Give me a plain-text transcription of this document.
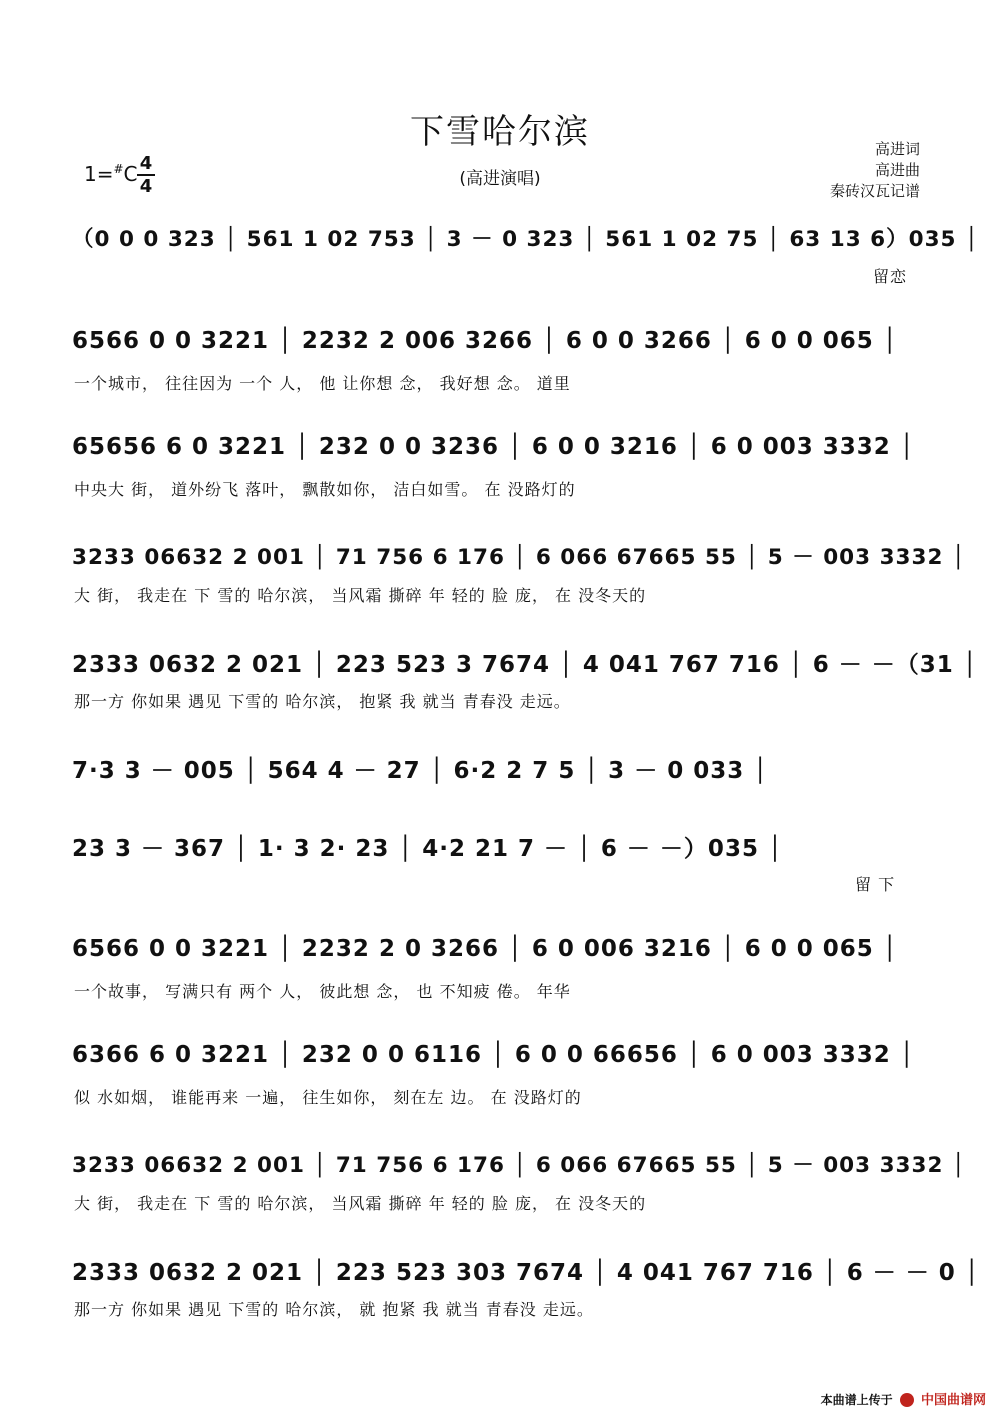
下雪哈尔滨
(高进演唱)
1=#C 4
4
高进词
高进曲
秦砖汉瓦记谱
（0 0 0 323 │ 561 1 02 753 │ 3 － 0 323 │ 561 1 02 75 │ 63 13 6）035 │
留恋
6566 0 0 3221 │ 2232 2 006 3266 │ 6 0 0 3266 │ 6 0 0 065 │
一个城市， 往往因为 一个 人， 他 让你想 念， 我好想 念。 道里
65656 6 0 3221 │ 232 0 0 3236 │ 6 0 0 3216 │ 6 0 003 3332 │
中央大 街， 道外纷飞 落叶， 飘散如你， 洁白如雪。 在 没路灯的
3233 06632 2 001 │ 71 756 6 176 │ 6 066 67665 55 │ 5 － 003 3332 │
大 街， 我走在 下 雪的 哈尔滨， 当风霜 撕碎 年 轻的 脸 庞， 在 没冬天的
2333 0632 2 021 │ 223 523 3 7674 │ 4 041 767 716 │ 6 － －（31 │
那一方 你如果 遇见 下雪的 哈尔滨， 抱紧 我 就当 青春没 走远。
7·3 3 － 005 │ 564 4 － 27 │ 6·2 2 7 5 │ 3 － 0 033 │
23 3 － 367 │ 1· 3 2· 23 │ 4·2 21 7 － │ 6 － －）035 │
留 下
6566 0 0 3221 │ 2232 2 0 3266 │ 6 0 006 3216 │ 6 0 0 065 │
一个故事， 写满只有 两个 人， 彼此想 念， 也 不知疲 倦。 年华
6366 6 0 3221 │ 232 0 0 6116 │ 6 0 0 66656 │ 6 0 003 3332 │
似 水如烟， 谁能再来 一遍， 往生如你， 刻在左 边。 在 没路灯的
3233 06632 2 001 │ 71 756 6 176 │ 6 066 67665 55 │ 5 － 003 3332 │
大 街， 我走在 下 雪的 哈尔滨， 当风霜 撕碎 年 轻的 脸 庞， 在 没冬天的
2333 0632 2 021 │ 223 523 303 7674 │ 4 041 767 716 │ 6 － － 0 │
那一方 你如果 遇见 下雪的 哈尔滨， 就 抱紧 我 就当 青春没 走远。
本曲谱上传于 中国曲谱网
